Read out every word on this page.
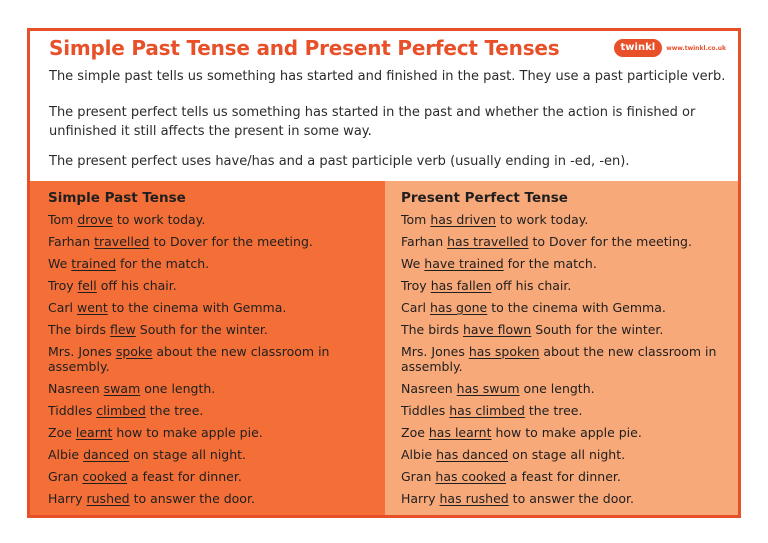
Simple Past Tense and Present Perfect Tenses	twinkl	www.twinkl.co.uk

The simple past tells us something has started and finished in the past. They use a past participle verb.

The present perfect tells us something has started in the past and whether the action is finished or unfinished it still affects the present in some way.

The present perfect uses have/has and a past participle verb (usually ending in -ed, -en).

Simple Past Tense
Tom drove to work today.
Farhan travelled to Dover for the meeting.
We trained for the match.
Troy fell off his chair.
Carl went to the cinema with Gemma.
The birds flew South for the winter.
Mrs. Jones spoke about the new classroom in assembly.
Nasreen swam one length.
Tiddles climbed the tree.
Zoe learnt how to make apple pie.
Albie danced on stage all night.
Gran cooked a feast for dinner.
Harry rushed to answer the door.
Present Perfect Tense
Tom has driven to work today.
Farhan has travelled to Dover for the meeting.
We have trained for the match.
Troy has fallen off his chair.
Carl has gone to the cinema with Gemma.
The birds have flown South for the winter.
Mrs. Jones has spoken about the new classroom in assembly.
Nasreen has swum one length.
Tiddles has climbed the tree.
Zoe has learnt how to make apple pie.
Albie has danced on stage all night.
Gran has cooked a feast for dinner.
Harry has rushed to answer the door.
